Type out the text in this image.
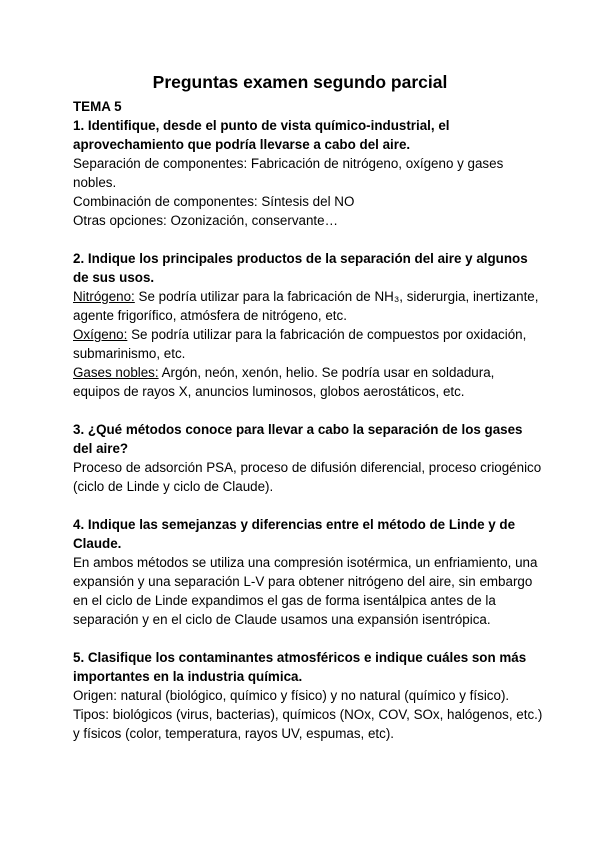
Preguntas examen segundo parcial

TEMA 5

1. Identifique, desde el punto de vista químico-industrial, el aprovechamiento que podría llevarse a cabo del aire.

Separación de componentes: Fabricación de nitrógeno, oxígeno y gases nobles.

Combinación de componentes: Síntesis del NO

Otras opciones: Ozonización, conservante…

2. Indique los principales productos de la separación del aire y algunos de sus usos.

Nitrógeno: Se podría utilizar para la fabricación de NH₃, siderurgia, inertizante, agente frigorífico, atmósfera de nitrógeno, etc.

Oxígeno: Se podría utilizar para la fabricación de compuestos por oxidación, submarinismo, etc.

Gases nobles: Argón, neón, xenón, helio. Se podría usar en soldadura, equipos de rayos X, anuncios luminosos, globos aerostáticos, etc.

3. ¿Qué métodos conoce para llevar a cabo la separación de los gases del aire?

Proceso de adsorción PSA, proceso de difusión diferencial, proceso criogénico (ciclo de Linde y ciclo de Claude).

4. Indique las semejanzas y diferencias entre el método de Linde y de Claude.

En ambos métodos se utiliza una compresión isotérmica, un enfriamiento, una expansión y una separación L-V para obtener nitrógeno del aire, sin embargo en el ciclo de Linde expandimos el gas de forma isentálpica antes de la separación y en el ciclo de Claude usamos una expansión isentrópica.

5. Clasifique los contaminantes atmosféricos e indique cuáles son más importantes en la industria química.

Origen: natural (biológico, químico y físico) y no natural (químico y físico).

Tipos: biológicos (virus, bacterias), químicos (NOx, COV, SOx, halógenos, etc.) y físicos (color, temperatura, rayos UV, espumas, etc).
